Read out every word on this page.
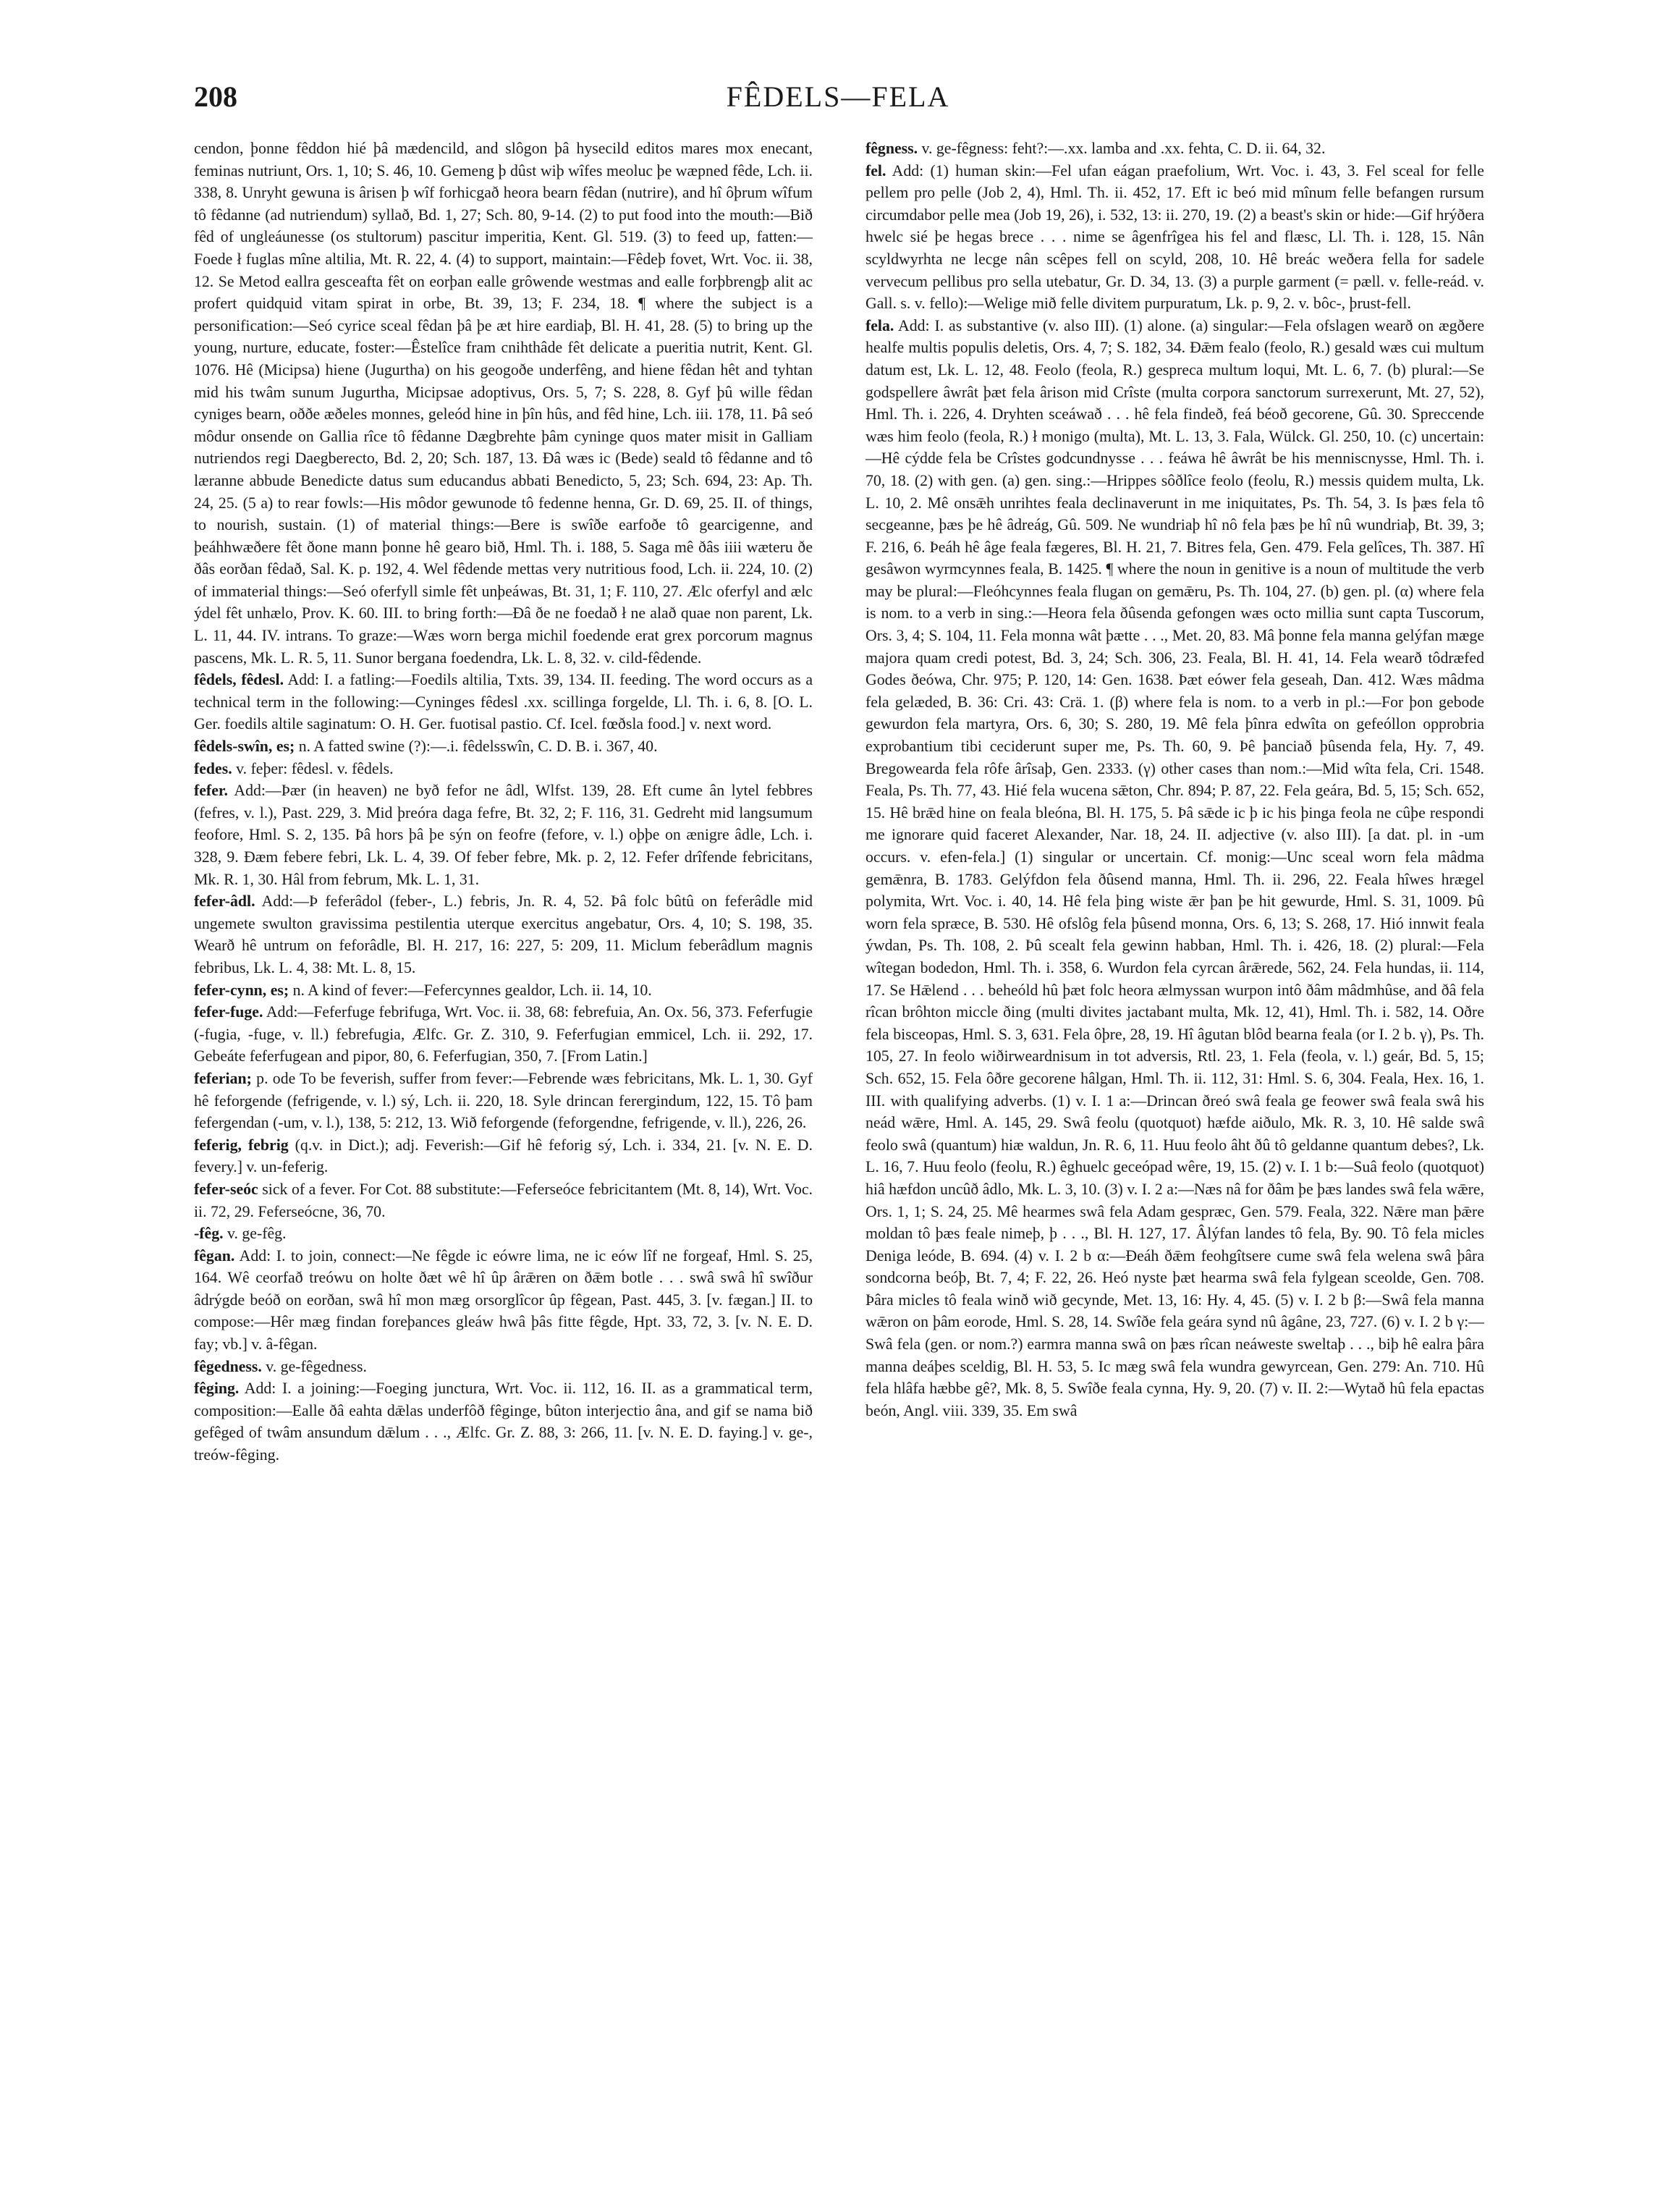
208	FÊDELS—FELA

cendon, þonne fêddon hié þâ mædencild, and slôgon þâ hysecild editos mares mox enecant, feminas nutriunt, Ors. 1, 10; S. 46, 10. Gemeng þ dûst wiþ wîfes meoluc þe wæpned fêde, Lch. ii. 338, 8. Unryht gewuna is ârisen þ wîf forhicgað heora bearn fêdan (nutrire), and hî ôþrum wîfum tô fêdanne (ad nutriendum) syllað, Bd. 1, 27; Sch. 80, 9-14. (2) to put food into the mouth:—Bið fêd of ungleáunesse (os stultorum) pascitur imperitia, Kent. Gl. 519. (3) to feed up, fatten:—Foede ł fuglas mîne altilia, Mt. R. 22, 4. (4) to support, maintain:—Fêdeþ fovet, Wrt. Voc. ii. 38, 12. Se Metod eallra gesceafta fêt on eorþan ealle grôwende westmas and ealle forþbrengþ alit ac profert quidquid vitam spirat in orbe, Bt. 39, 13; F. 234, 18. ¶ where the subject is a personification:—Seó cyrice sceal fêdan þâ þe æt hire eardiaþ, Bl. H. 41, 28. (5) to bring up the young, nurture, educate, foster:—Êstelîce fram cnihthâde fêt delicate a pueritia nutrit, Kent. Gl. 1076. Hê (Micipsa) hiene (Jugurtha) on his geogoðe underfêng, and hiene fêdan hêt and tyhtan mid his twâm sunum Jugurtha, Micipsae adoptivus, Ors. 5, 7; S. 228, 8. Gyf þû wille fêdan cyniges bearn, oððe æðeles monnes, geleód hine in þîn hûs, and fêd hine, Lch. iii. 178, 11. Þâ seó môdur onsende on Gallia rîce tô fêdanne Dægbrehte þâm cyninge quos mater misit in Galliam nutriendos regi Daegberecto, Bd. 2, 20; Sch. 187, 13. Ðâ wæs ic (Bede) seald tô fêdanne and tô læranne abbude Benedicte datus sum educandus abbati Benedicto, 5, 23; Sch. 694, 23: Ap. Th. 24, 25. (5 a) to rear fowls:—His môdor gewunode tô fedenne henna, Gr. D. 69, 25. II. of things, to nourish, sustain. (1) of material things:—Bere is swîðe earfoðe tô gearcigenne, and þeáhhwæðere fêt ðone mann þonne hê gearo bið, Hml. Th. i. 188, 5. Saga mê ðâs iiii wæteru ðe ðâs eorðan fêdað, Sal. K. p. 192, 4. Wel fêdende mettas very nutritious food, Lch. ii. 224, 10. (2) of immaterial things:—Seó oferfyll simle fêt unþeáwas, Bt. 31, 1; F. 110, 27. Ælc oferfyl and ælc ýdel fêt unhælo, Prov. K. 60. III. to bring forth:—Ðâ ðe ne foedað ł ne alað quae non parent, Lk. L. 11, 44. IV. intrans. To graze:—Wæs worn bergа michil foedende erat grex porcorum magnus pascens, Mk. L. R. 5, 11. Sunor bergana foedendra, Lk. L. 8, 32. v. cild-fêdende.

fêdels, fêdesl. Add: I. a fatling:—Foedils altilia, Txts. 39, 134. II. feeding. The word occurs as a technical term in the following:—Cyninges fêdesl .xx. scillinga forgelde, Ll. Th. i. 6, 8. [O. L. Ger. foedils altile saginatum: O. H. Ger. fuotisal pastio. Cf. Icel. fœðsla food.] v. next word.

fêdels-swîn, es; n. A fatted swine (?):—.i. fêdelsswîn, C. D. B. i. 367, 40.

fedes. v. feþer: fêdesl. v. fêdels.

fefer. Add:—Þær (in heaven) ne byð fefor ne âdl, Wlfst. 139, 28. Eft cume ân lytel febbres (fefres, v. l.), Past. 229, 3. Mid þreóra daga fefre, Bt. 32, 2; F. 116, 31. Gedreht mid langsumum feofore, Hml. S. 2, 135. Þâ hors þâ þe sýn on feofre (fefore, v. l.) oþþe on ænigre âdle, Lch. i. 328, 9. Ðæm febere febri, Lk. L. 4, 39. Of feber febre, Mk. p. 2, 12. Fefer drîfende febricitans, Mk. R. 1, 30. Hâl from februm, Mk. L. 1, 31.

fefer-âdl. Add:—Þ feferâdol (feber-, L.) febris, Jn. R. 4, 52. Þâ folc bûtû on feferâdle mid ungemete swulton gravissima pestilentia uterque exercitus angebatur, Ors. 4, 10; S. 198, 35. Wearð hê untrum on feforâdle, Bl. H. 217, 16: 227, 5: 209, 11. Miclum feberâdlum magnis febribus, Lk. L. 4, 38: Mt. L. 8, 15.

fefer-cynn, es; n. A kind of fever:—Fefercynnes gealdor, Lch. ii. 14, 10.

fefer-fuge. Add:—Feferfuge febrifuga, Wrt. Voc. ii. 38, 68: febrefuia, An. Ox. 56, 373. Feferfugie (-fugia, -fuge, v. ll.) febrefugia, Ælfc. Gr. Z. 310, 9. Feferfugian emmicel, Lch. ii. 292, 17. Gebeáte feferfugean and pipor, 80, 6. Feferfugian, 350, 7. [From Latin.]

feferian; p. ode To be feverish, suffer from fever:—Febrende wæs febricitans, Mk. L. 1, 30. Gyf hê feforgende (fefrigende, v. l.) sý, Lch. ii. 220, 18. Syle drincan ferergindum, 122, 15. Tô þam fefergendan (-um, v. l.), 138, 5: 212, 13. Wið feforgende (feforgendne, fefrigende, v. ll.), 226, 26.

feferig, febrig (q.v. in Dict.); adj. Feverish:—Gif hê feforig sý, Lch. i. 334, 21. [v. N. E. D. fevery.] v. un-feferig.

fefer-seóc sick of a fever. For Cot. 88 substitute:—Feferseóce febricitantem (Mt. 8, 14), Wrt. Voc. ii. 72, 29. Feferseócne, 36, 70.

-fêg. v. ge-fêg.

fêgan. Add: I. to join, connect:—Ne fêgde ic eówre lima, ne ic eów lîf ne forgeaf, Hml. S. 25, 164. Wê ceorfað treówu on holte ðæt wê hî ûp ârǣren on ðǣm botle . . . swâ swâ hî swîður âdrýgde beóð on eorðan, swâ hî mon mæg orsorglîcor ûp fêgean, Past. 445, 3. [v. fægan.] II. to compose:—Hêr mæg findan foreþances gleáw hwâ þâs fitte fêgde, Hpt. 33, 72, 3. [v. N. E. D. fay; vb.] v. â-fêgan.

fêgedness. v. ge-fêgedness.

fêging. Add: I. a joining:—Foeging junctura, Wrt. Voc. ii. 112, 16. II. as a grammatical term, composition:—Ealle ðâ eahta dǣlas underfôð fêginge, bûton interjectio âna, and gif se nama bið gefêged of twâm ansundum dǣlum . . ., Ælfc. Gr. Z. 88, 3: 266, 11. [v. N. E. D. faying.] v. ge-, treów-fêging.

fêgness. v. ge-fêgness: feht?:—.xx. lamba and .xx. fehta, C. D. ii. 64, 32.

fel. Add: (1) human skin:—Fel ufan eágan praefolium, Wrt. Voc. i. 43, 3. Fel sceal for felle pellem pro pelle (Job 2, 4), Hml. Th. ii. 452, 17. Eft ic beó mid mînum felle befangen rursum circumdabor pelle mea (Job 19, 26), i. 532, 13: ii. 270, 19. (2) a beast's skin or hide:—Gif hrýðera hwelc sié þe hegas brece . . . nime se âgenfrîgea his fel and flæsc, Ll. Th. i. 128, 15. Nân scyldwyrhta ne lecge nân scêpes fell on scyld, 208, 10. Hê breác weðera fella for sadele vervecum pellibus pro sella utebatur, Gr. D. 34, 13. (3) a purple garment (= pæll. v. felle-reád. v. Gall. s. v. fello):—Welige mið felle divitem purpuratum, Lk. p. 9, 2. v. bôc-, þrust-fell.

fela. Add: I. as substantive (v. also III). (1) alone. (a) singular:—Fela ofslagen wearð on ægðere healfe multis populis deletis, Ors. 4, 7; S. 182, 34. Ðǣm fealo (feolo, R.) gesald wæs cui multum datum est, Lk. L. 12, 48. Feolo (feola, R.) gespreca multum loqui, Mt. L. 6, 7. (b) plural:—Se godspellere âwrât þæt fela ârison mid Crîste (multa corpora sanctorum surrexerunt, Mt. 27, 52), Hml. Th. i. 226, 4. Dryhten sceáwað . . . hê fela findeð, feá béoð gecorene, Gû. 30. Spreccende wæs him feolo (feola, R.) ł monigo (multa), Mt. L. 13, 3. Fala, Wülck. Gl. 250, 10. (c) uncertain:—Hê cýdde fela be Crîstes godcundnysse . . . feáwa hê âwrât be his menniscnysse, Hml. Th. i. 70, 18. (2) with gen. (a) gen. sing.:—Hrippes sôðlîce feolo (feolu, R.) messis quidem multa, Lk. L. 10, 2. Mê onsǣh unrihtes feala declinaverunt in me iniquitates, Ps. Th. 54, 3. Is þæs fela tô secgeanne, þæs þe hê âdreág, Gû. 509. Ne wundriaþ hî nô fela þæs þe hî nû wundriaþ, Bt. 39, 3; F. 216, 6. Þeáh hê âge feala fægeres, Bl. H. 21, 7. Bitres fela, Gen. 479. Fela gelîces, Th. 387. Hî gesâwon wyrmcynnes feala, B. 1425. ¶ where the noun in genitive is a noun of multitude the verb may be plural:—Fleóhcynnes feala flugan on gemǣru, Ps. Th. 104, 27. (b) gen. pl. (α) where fela is nom. to a verb in sing.:—Heora fela ðûsenda gefongen wæs octo millia sunt capta Tuscorum, Ors. 3, 4; S. 104, 11. Fela monna wât þætte . . ., Met. 20, 83. Mâ þonne fela manna gelýfan mæge majora quam credi potest, Bd. 3, 24; Sch. 306, 23. Feala, Bl. H. 41, 14. Fela wearð tôdræfed Godes ðeówa, Chr. 975; P. 120, 14: Gen. 1638. Þæt eówer fela geseah, Dan. 412. Wæs mâdma fela gelæded, B. 36: Cri. 43: Crä. 1. (β) where fela is nom. to a verb in pl.:—For þon gebode gewurdon fela martyra, Ors. 6, 30; S. 280, 19. Mê fela þînra edwîta on gefeóllon opprobria exprobantium tibi ceciderunt super me, Ps. Th. 60, 9. Þê þanciað þûsenda fela, Hy. 7, 49. Bregowearda fela rôfe ârîsaþ, Gen. 2333. (γ) other cases than nom.:—Mid wîta fela, Cri. 1548. Feala, Ps. Th. 77, 43. Hié fela wucena sǣton, Chr. 894; P. 87, 22. Fela geára, Bd. 5, 15; Sch. 652, 15. Hê brǣd hine on feala bleóna, Bl. H. 175, 5. Þâ sǣde ic þ ic his þinga feola ne cûþe respondi me ignorare quid faceret Alexander, Nar. 18, 24. II. adjective (v. also III). [a dat. pl. in -um occurs. v. efen-fela.] (1) singular or uncertain. Cf. monig:—Unc sceal worn fela mâdma gemǣnra, B. 1783. Gelýfdon fela ðûsend manna, Hml. Th. ii. 296, 22. Feala hîwes hrægel polymita, Wrt. Voc. i. 40, 14. Hê fela þing wiste ǣr þan þe hit gewurde, Hml. S. 31, 1009. Þû worn fela spræce, B. 530. Hê ofslôg fela þûsend monna, Ors. 6, 13; S. 268, 17. Hió innwit feala ýwdan, Ps. Th. 108, 2. Þû scealt fela gewinn habban, Hml. Th. i. 426, 18. (2) plural:—Fela wîtegan bodedon, Hml. Th. i. 358, 6. Wurdon fela cyrcan ârǣrede, 562, 24. Fela hundas, ii. 114, 17. Se Hǣlend . . . beheóld hû þæt folc heora ælmyssan wurpon intô ðâm mâdmhûse, and ðâ fela rîcan brôhton miccle ðing (multi divites jactabant multa, Mk. 12, 41), Hml. Th. i. 582, 14. Oðre fela bisceopas, Hml. S. 3, 631. Fela ôþre, 28, 19. Hî âgutan blôd bearna feala (or I. 2 b. γ), Ps. Th. 105, 27. In feolo wiðirweardnisum in tot adversis, Rtl. 23, 1. Fela (feola, v. l.) geár, Bd. 5, 15; Sch. 652, 15. Fela ôðre gecorene hâlgan, Hml. Th. ii. 112, 31: Hml. S. 6, 304. Feala, Hex. 16, 1. III. with qualifying adverbs. (1) v. I. 1 a:—Drincan ðreó swâ feala ge feower swâ feala swâ his neád wǣre, Hml. A. 145, 29. Swâ feolu (quotquot) hæfde aiðulo, Mk. R. 3, 10. Hê salde swâ feolo swâ (quantum) hiæ waldun, Jn. R. 6, 11. Huu feolo âht ðû tô geldanne quantum debes?, Lk. L. 16, 7. Huu feolo (feolu, R.) êghuelc geceópad wêre, 19, 15. (2) v. I. 1 b:—Suâ feolo (quotquot) hiâ hæfdon uncûð âdlo, Mk. L. 3, 10. (3) v. I. 2 a:—Næs nâ for ðâm þe þæs landes swâ fela wǣre, Ors. 1, 1; S. 24, 25. Mê hearmes swâ fela Adam gespræc, Gen. 579. Feala, 322. Nǣre man þǣre moldan tô þæs feale nimeþ, þ . . ., Bl. H. 127, 17. Âlýfan landes tô fela, By. 90. Tô fela micles Deniga leóde, B. 694. (4) v. I. 2 b α:—Ðeáh ðǣm feohgîtsere cume swâ fela welena swâ þâra sondcorna beóþ, Bt. 7, 4; F. 22, 26. Heó nyste þæt hearma swâ fela fylgean sceolde, Gen. 708. Þâra micles tô feala winð wið gecynde, Met. 13, 16: Hy. 4, 45. (5) v. I. 2 b β:—Swâ fela manna wǣron on þâm eorode, Hml. S. 28, 14. Swîðe fela geára synd nû âgâne, 23, 727. (6) v. I. 2 b γ:—Swâ fela (gen. or nom.?) earmra manna swâ on þæs rîcan neáweste sweltaþ . . ., biþ hê ealra þâra manna deáþes sceldig, Bl. H. 53, 5. Ic mæg swâ fela wundra gewyrcean, Gen. 279: An. 710. Hû fela hlâfa hæbbe gê?, Mk. 8, 5. Swîðe feala cynna, Hy. 9, 20. (7) v. II. 2:—Wytað hû fela epactas beón, Angl. viii. 339, 35. Em swâ
